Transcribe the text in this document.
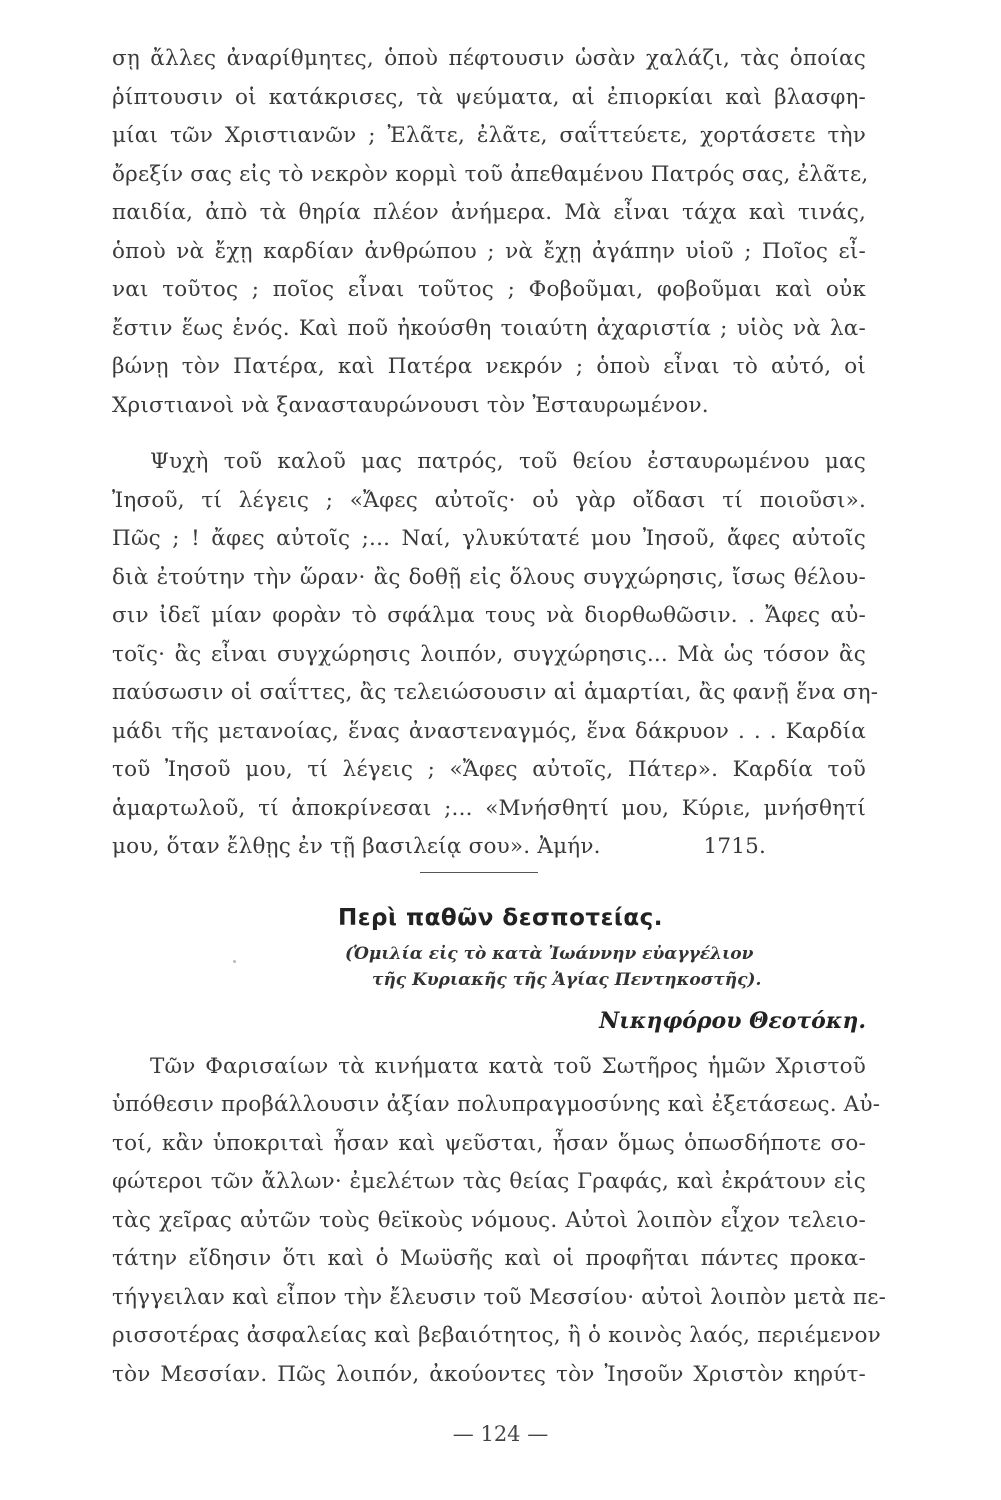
σῃ ἄλλες ἀναρίθμητες, ὁποὺ πέφτουσιν ὡσὰν χαλάζι, τὰς ὁποίας
ῥίπτουσιν οἱ κατάκρισες, τὰ ψεύματα, αἱ ἐπιορκίαι καὶ βλασφη-
μίαι τῶν Χριστιανῶν ; Ἐλᾶτε, ἐλᾶτε, σαΐττεύετε, χορτάσετε τὴν
ὄρεξίν σας εἰς τὸ νεκρὸν κορμὶ τοῦ ἀπεθαμένου Πατρός σας, ἐλᾶτε,
παιδία, ἀπὸ τὰ θηρία πλέον ἀνήμερα. Μὰ εἶναι τάχα καὶ τινάς,
ὁποὺ νὰ ἔχῃ καρδίαν ἀνθρώπου ; νὰ ἔχῃ ἀγάπην υἱοῦ ; Ποῖος εἶ-
ναι τοῦτος ; ποῖος εἶναι τοῦτος ; Φοβοῦμαι, φοβοῦμαι καὶ οὐκ
ἔστιν ἕως ἑνός. Καὶ ποῦ ἠκούσθη τοιαύτη ἀχαριστία ; υἱὸς νὰ λα-
βώνῃ τὸν Πατέρα, καὶ Πατέρα νεκρόν ; ὁποὺ εἶναι τὸ αὐτό, οἱ
Χριστιανοὶ νὰ ξανασταυρώνουσι τὸν Ἐσταυρωμένον.
Ψυχὴ τοῦ καλοῦ μας πατρός, τοῦ θείου ἐσταυρωμένου μας
Ἰησοῦ, τί λέγεις ; «Ἄφες αὐτοῖς· οὐ γὰρ οἴδασι τί ποιοῦσι».
Πῶς ; ! ἄφες αὐτοῖς ;... Ναί, γλυκύτατέ μου Ἰησοῦ, ἄφες αὐτοῖς
διὰ ἐτούτην τὴν ὥραν· ἂς δοθῇ εἰς ὅλους συγχώρησις, ἴσως θέλου-
σιν ἰδεῖ μίαν φορὰν τὸ σφάλμα τους νὰ διορθωθῶσιν. . Ἄφες αὐ-
τοῖς· ἂς εἶναι συγχώρησις λοιπόν, συγχώρησις... Μὰ ὡς τόσον ἂς
παύσωσιν οἱ σαΐττες, ἂς τελειώσουσιν αἱ ἁμαρτίαι, ἂς φανῇ ἕνα ση-
μάδι τῆς μετανοίας, ἕνας ἀναστεναγμός, ἕνα δάκρυον . . . Καρδία
τοῦ Ἰησοῦ μου, τί λέγεις ; «Ἄφες αὐτοῖς, Πάτερ». Καρδία τοῦ
ἁμαρτωλοῦ, τί ἀποκρίνεσαι ;... «Μνήσθητί μου, Κύριε, μνήσθητί
μου, ὅταν ἔλθῃς ἐν τῇ βασιλείᾳ σου». Ἀμήν.	1715.
Περὶ παθῶν δεσποτείας.
(Ὁμιλία εἰς τὸ κατὰ Ἰωάννην εὐαγγέλιον
τῆς Κυριακῆς τῆς Ἁγίας Πεντηκοστῆς).
Νικηφόρου Θεοτόκη.
Τῶν Φαρισαίων τὰ κινήματα κατὰ τοῦ Σωτῆρος ἡμῶν Χριστοῦ
ὑπόθεσιν προβάλλουσιν ἀξίαν πολυπραγμοσύνης καὶ ἐξετάσεως. Αὐ-
τοί, κἂν ὑποκριταὶ ἦσαν καὶ ψεῦσται, ἦσαν ὅμως ὁπωσδήποτε σο-
φώτεροι τῶν ἄλλων· ἐμελέτων τὰς θείας Γραφάς, καὶ ἐκράτουν εἰς
τὰς χεῖρας αὐτῶν τοὺς θεϊκοὺς νόμους. Αὐτοὶ λοιπὸν εἶχον τελειο-
τάτην εἴδησιν ὅτι καὶ ὁ Μωϋσῆς καὶ οἱ προφῆται πάντες προκα-
τήγγειλαν καὶ εἶπον τὴν ἔλευσιν τοῦ Μεσσίου· αὐτοὶ λοιπὸν μετὰ πε-
ρισσοτέρας ἀσφαλείας καὶ βεβαιότητος, ἢ ὁ κοινὸς λαός, περιέμενον
τὸν Μεσσίαν. Πῶς λοιπόν, ἀκούοντες τὸν Ἰησοῦν Χριστὸν κηρύτ-
— 124 —
